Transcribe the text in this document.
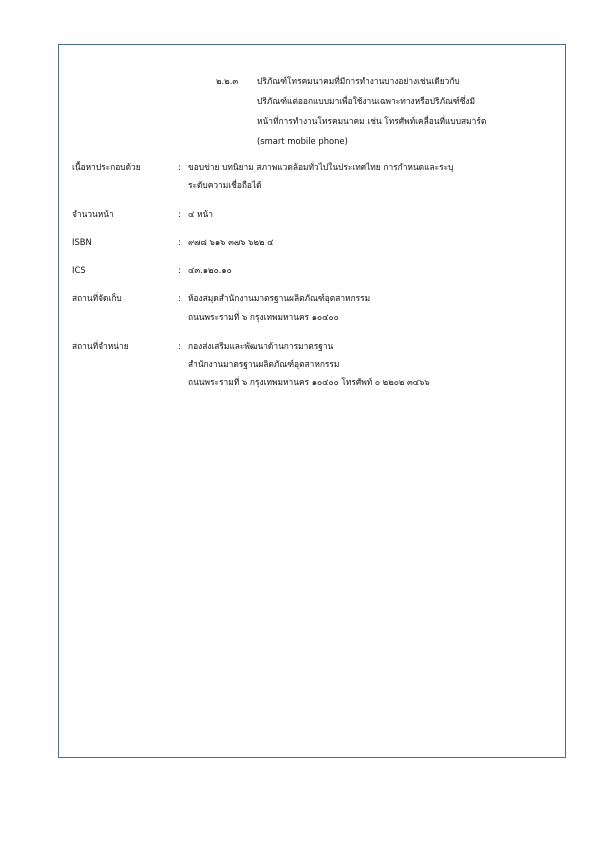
๒.๒.๓ ปริภัณฑ์โทรคมนาคมที่มีการทำงานบางอย่างเช่นเดียวกับ
ปริภัณฑ์แต่ออกแบบมาเพื่อใช้งานเฉพาะทางหรือปริภัณฑ์ซึ่งมี
หน้าที่การทำงานโทรคมนาคม เช่น โทรศัพท์เคลื่อนที่แบบสมาร์ต
(smart mobile phone)
เนื้อหาประกอบด้วย	: ขอบข่าย บทนิยาม สภาพแวดล้อมทั่วไปในประเทศไทย การกำหนดและระบุ
ระดับความเชื่อถือได้
จำนวนหน้า	: ๔ หน้า
ISBN	: ๙๗๘ ๖๑๖ ๓๗๖ ๖๒๒ ๔
ICS	: ๔๓.๑๒๐.๑๐
สถานที่จัดเก็บ	: ห้องสมุดสำนักงานมาตรฐานผลิตภัณฑ์อุตสาหกรรม
ถนนพระรามที่ ๖ กรุงเทพมหานคร ๑๐๔๐๐
สถานที่จำหน่าย	: กองส่งเสริมและพัฒนาด้านการมาตรฐาน
สำนักงานมาตรฐานผลิตภัณฑ์อุตสาหกรรม
ถนนพระรามที่ ๖ กรุงเทพมหานคร ๑๐๔๐๐ โทรศัพท์ ๐ ๒๒๐๒ ๓๔๖๖
